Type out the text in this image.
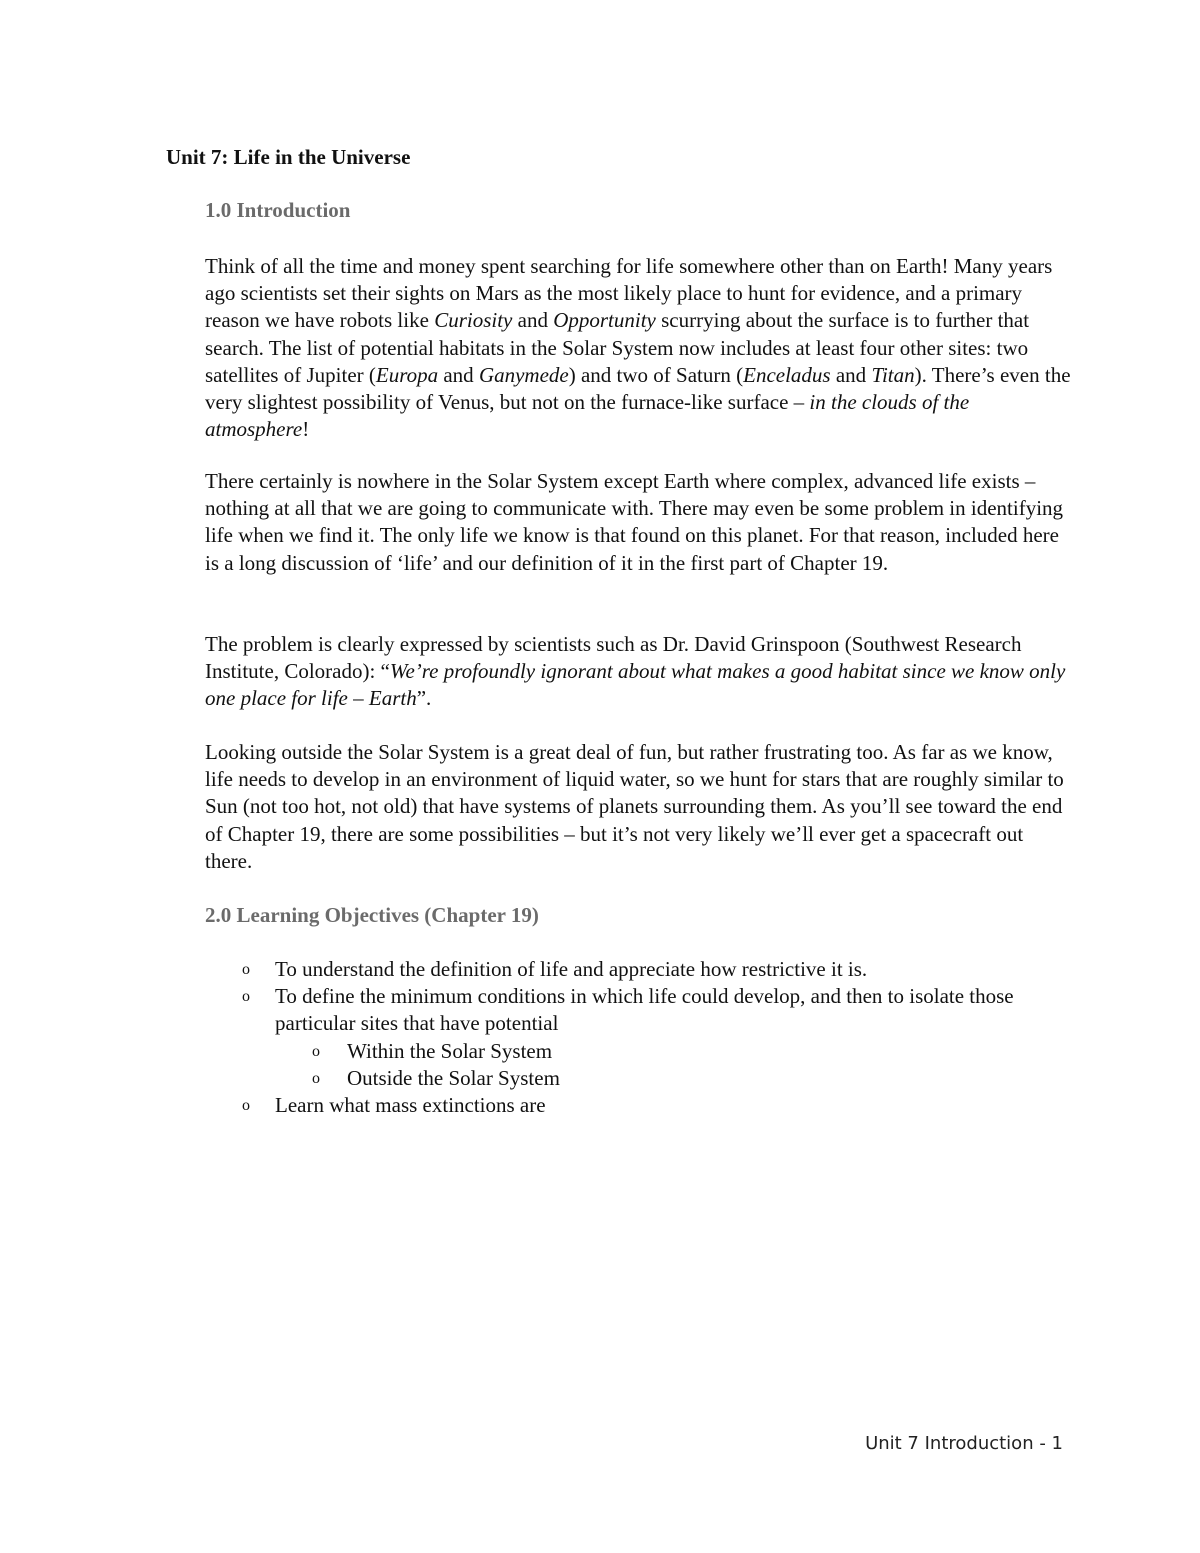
Unit 7: Life in the Universe
1.0 Introduction

Think of all the time and money spent searching for life somewhere other than on Earth! Many years ago scientists set their sights on Mars as the most likely place to hunt for evidence, and a primary reason we have robots like Curiosity and Opportunity scurrying about the surface is to further that search. The list of potential habitats in the Solar System now includes at least four other sites: two satellites of Jupiter (Europa and Ganymede) and two of Saturn (Enceladus and Titan). There’s even the very slightest possibility of Venus, but not on the furnace-like surface – in the clouds of the atmosphere!

There certainly is nowhere in the Solar System except Earth where complex, advanced life exists – nothing at all that we are going to communicate with. There may even be some problem in identifying life when we find it. The only life we know is that found on this planet. For that reason, included here is a long discussion of ‘life’ and our definition of it in the first part of Chapter 19.

The problem is clearly expressed by scientists such as Dr. David Grinspoon (Southwest Research Institute, Colorado): “We’re profoundly ignorant about what makes a good habitat since we know only one place for life – Earth”.

Looking outside the Solar System is a great deal of fun, but rather frustrating too. As far as we know, life needs to develop in an environment of liquid water, so we hunt for stars that are roughly similar to Sun (not too hot, not old) that have systems of planets surrounding them. As you’ll see toward the end of Chapter 19, there are some possibilities – but it’s not very likely we’ll ever get a spacecraft out there.

2.0 Learning Objectives (Chapter 19)
o To understand the definition of life and appreciate how restrictive it is.
o To define the minimum conditions in which life could develop, and then to isolate those particular sites that have potential
o Within the Solar System
o Outside the Solar System
o Learn what mass extinctions are
Unit 7 Introduction - 1
